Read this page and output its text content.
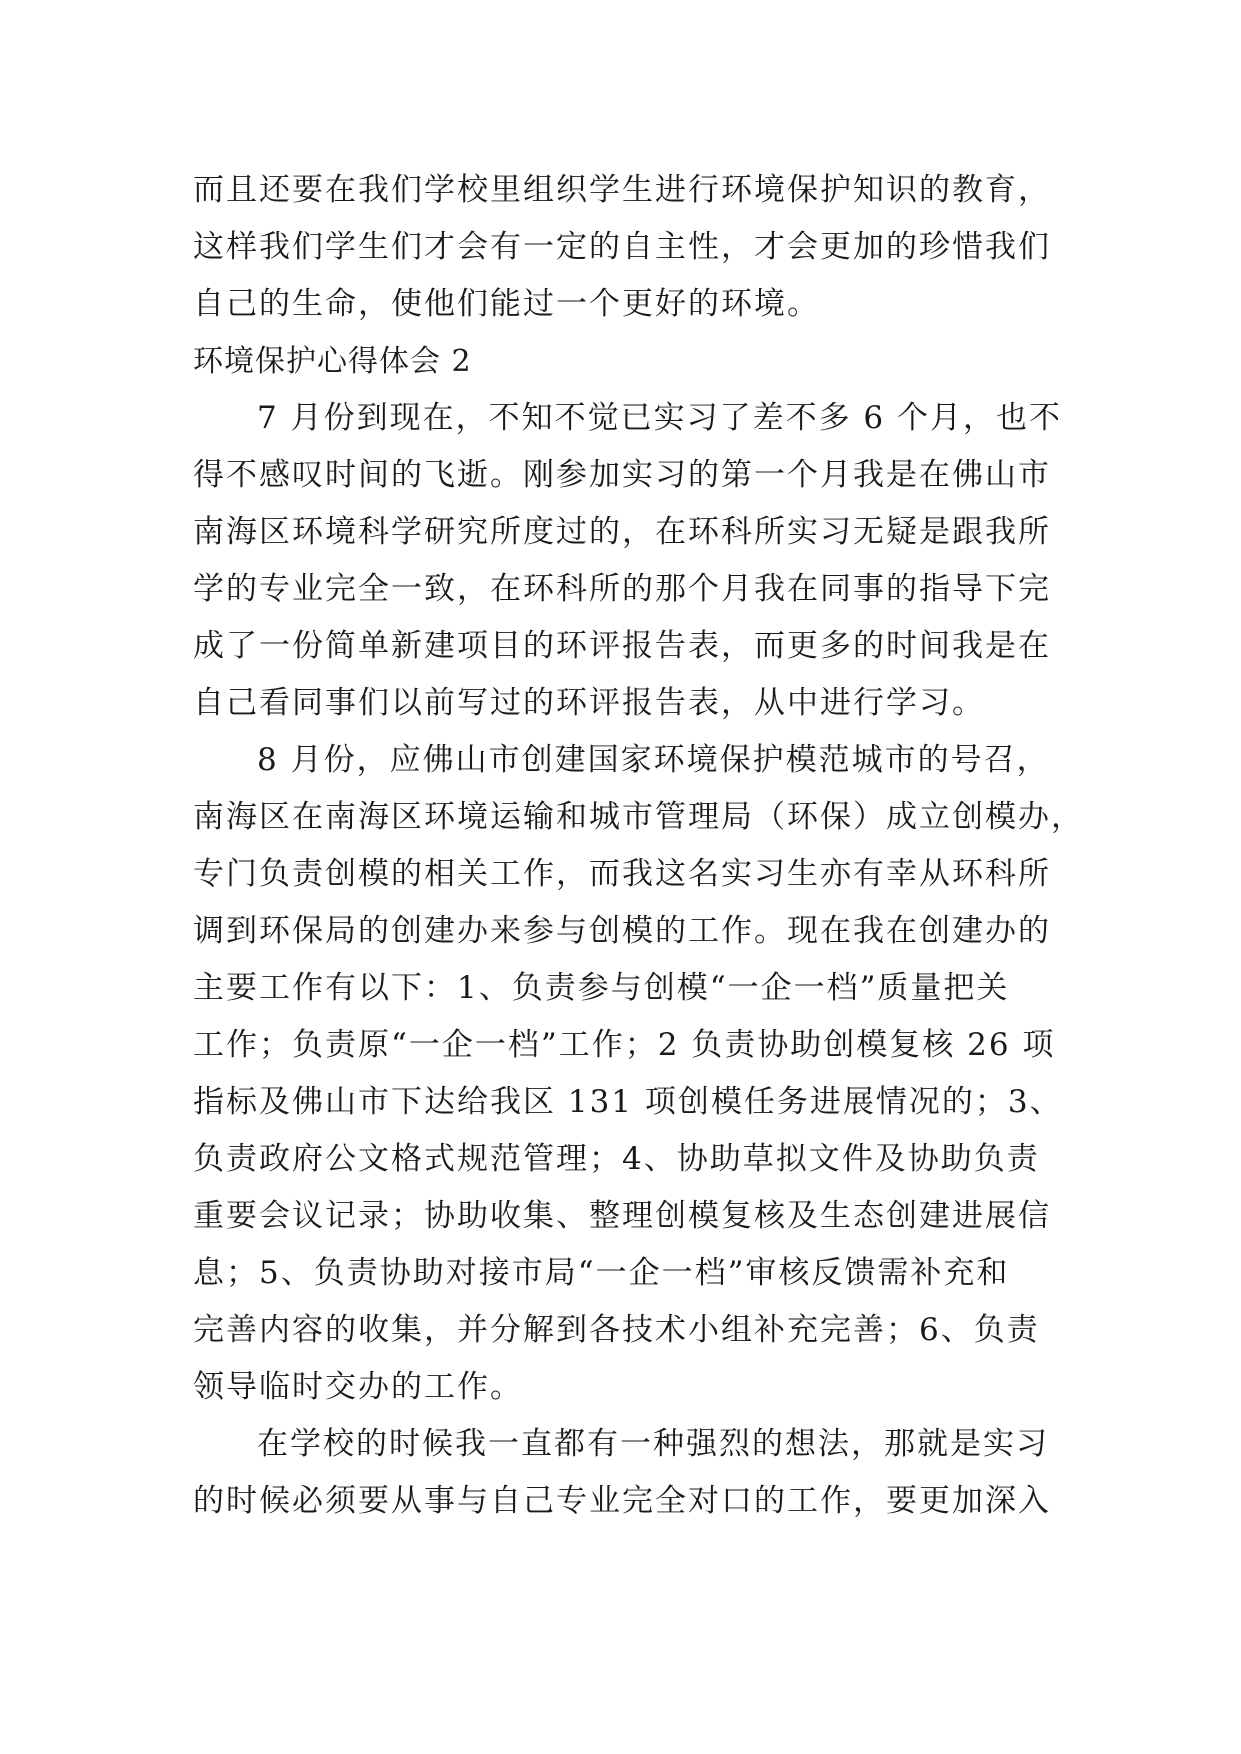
而且还要在我们学校里组织学生进行环境保护知识的教育，
这样我们学生们才会有一定的自主性，才会更加的珍惜我们
自己的生命，使他们能过一个更好的环境。
环境保护心得体会 2
7 月份到现在，不知不觉已实习了差不多 6 个月，也不
得不感叹时间的飞逝。刚参加实习的第一个月我是在佛山市
南海区环境科学研究所度过的，在环科所实习无疑是跟我所
学的专业完全一致，在环科所的那个月我在同事的指导下完
成了一份简单新建项目的环评报告表，而更多的时间我是在
自己看同事们以前写过的环评报告表，从中进行学习。
8 月份，应佛山市创建国家环境保护模范城市的号召，
南海区在南海区环境运输和城市管理局（环保）成立创模办，
专门负责创模的相关工作，而我这名实习生亦有幸从环科所
调到环保局的创建办来参与创模的工作。现在我在创建办的
主要工作有以下：1、负责参与创模“一企一档”质量把关
工作；负责原“一企一档”工作；2 负责协助创模复核 26 项
指标及佛山市下达给我区 131 项创模任务进展情况的；3、
负责政府公文格式规范管理；4、协助草拟文件及协助负责
重要会议记录；协助收集、整理创模复核及生态创建进展信
息；5、负责协助对接市局“一企一档”审核反馈需补充和
完善内容的收集，并分解到各技术小组补充完善；6、负责
领导临时交办的工作。
在学校的时候我一直都有一种强烈的想法，那就是实习
的时候必须要从事与自己专业完全对口的工作，要更加深入
